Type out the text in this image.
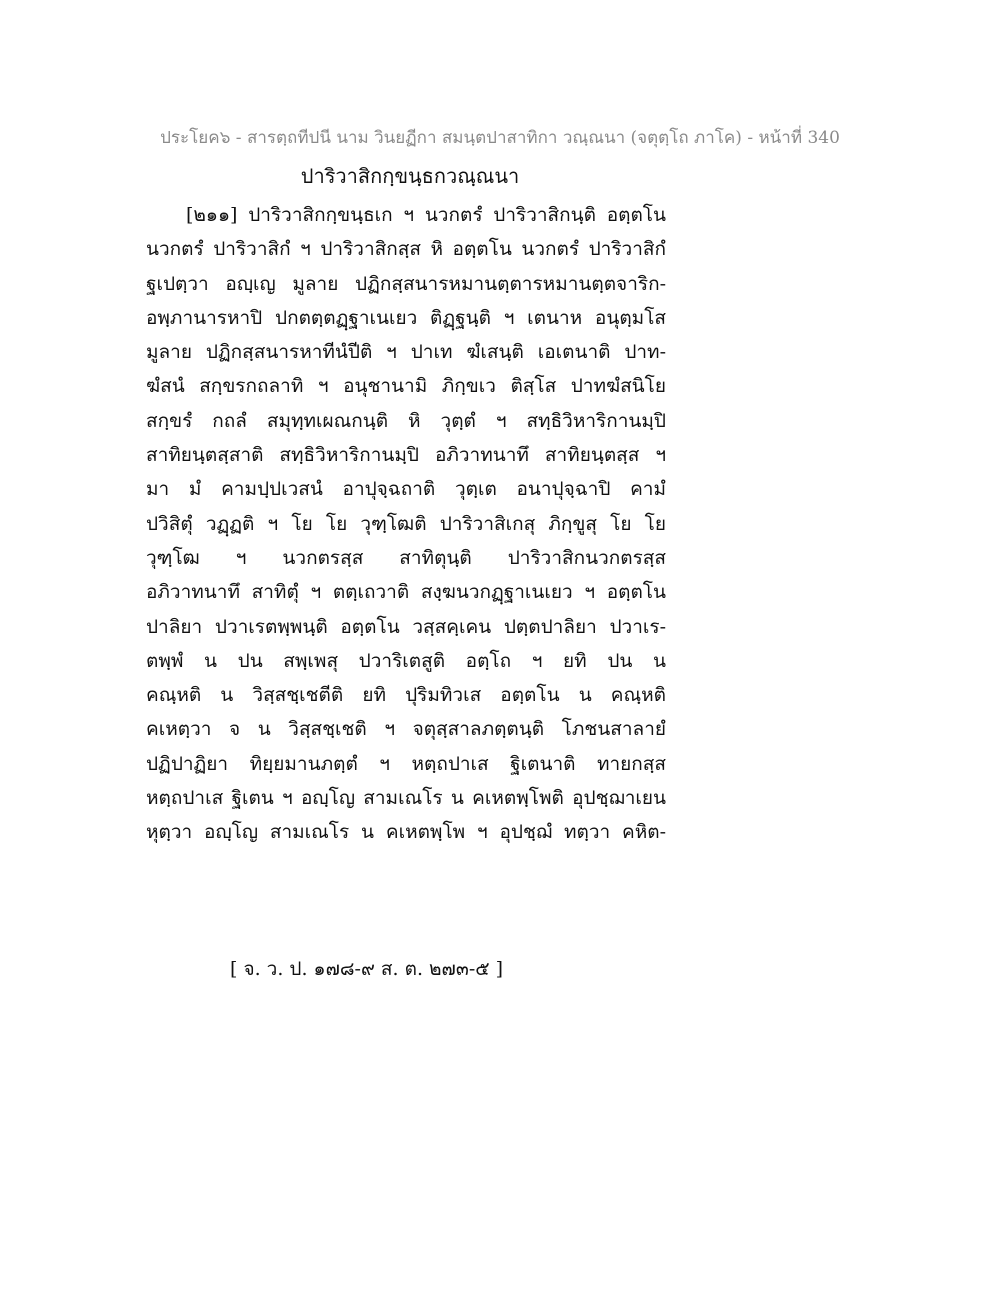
ประโยค๖ - สารตฺถทีปนี นาม วินยฏีกา สมนฺตปาสาทิกา วณฺณนา (จตุตฺโถ ภาโค) - หน้าที่ 340
ปาริวาสิกกฺขนฺธกวณฺณนา
[๒๑๑] ปาริวาสิกกฺขนฺธเก ฯ นวกตรํ ปาริวาสิกนฺติ อตฺตโน
นวกตรํ ปาริวาสิกํ ฯ ปาริวาสิกสฺส หิ อตฺตโน นวกตรํ ปาริวาสิกํ
ฐเปตฺวา อญฺเญ มูลาย ปฏิกสฺสนารหมานตฺตารหมานตฺตจาริก-
อพฺภานารหาปิ ปกตตฺตฏฺฐาเนเยว ติฏฺฐนฺติ ฯ เตนาห อนุตฺมโส
มูลาย ปฏิกสฺสนารหาทีนํปีติ ฯ ปาเท ฆํเสนฺติ เอเตนาติ ปาท-
ฆํสนํ สกฺขรกถลาทิ ฯ อนุชานามิ ภิกฺขเว ติสฺโส ปาทฆํสนิโย
สกฺขรํ กถลํ สมุทฺทเผณกนฺติ หิ วุตฺตํ ฯ สทฺธิวิหาริกานมฺปิ
สาทิยนฺตสฺสาติ สทฺธิวิหาริกานมฺปิ อภิวาทนาทึ สาทิยนฺตสฺส ฯ
มา มํ คามปฺปเวสนํ อาปุจฺฉถาติ วุตฺเต อนาปุจฺฉาปิ คามํ
ปวิสิตุํ วฏฺฏติ ฯ โย โย วุฑฺโฒติ ปาริวาสิเกสุ ภิกฺขูสุ โย โย
วุฑฺโฒ ฯ นวกตรสฺส สาทิตุนฺติ ปาริวาสิกนวกตรสฺส
อภิวาทนาทึ สาทิตุํ ฯ ตตฺเถวาติ สงฺฆนวกฏฺฐาเนเยว ฯ อตฺตโน
ปาลิยา ปวาเรตพฺพนฺติ อตฺตโน วสฺสคฺเคน ปตฺตปาลิยา ปวาเร-
ตพฺพํ น ปน สพฺเพสุ ปวาริเตสูติ อตฺโถ ฯ ยทิ ปน น
คณฺหติ น วิสฺสชฺเชตีติ ยทิ ปุริมทิวเส อตฺตโน น คณฺหติ
คเหตฺวา จ น วิสฺสชฺเชติ ฯ จตุสฺสาลภตฺตนฺติ โภชนสาลายํ
ปฏิปาฏิยา ทิยฺยมานภตฺตํ ฯ หตฺถปาเส ฐิเตนาติ ทายกสฺส
หตฺถปาเส ฐิเตน ฯ อญฺโญ สามเณโร น คเหตพฺโพติ อุปชฺฌาเยน
หุตฺวา อญฺโญ สามเณโร น คเหตพฺโพ ฯ อุปชฺฌํ ทตฺวา คหิต-
[ จ. ว. ป. ๑๗๘-๙ ส. ต. ๒๗๓-๕ ]
